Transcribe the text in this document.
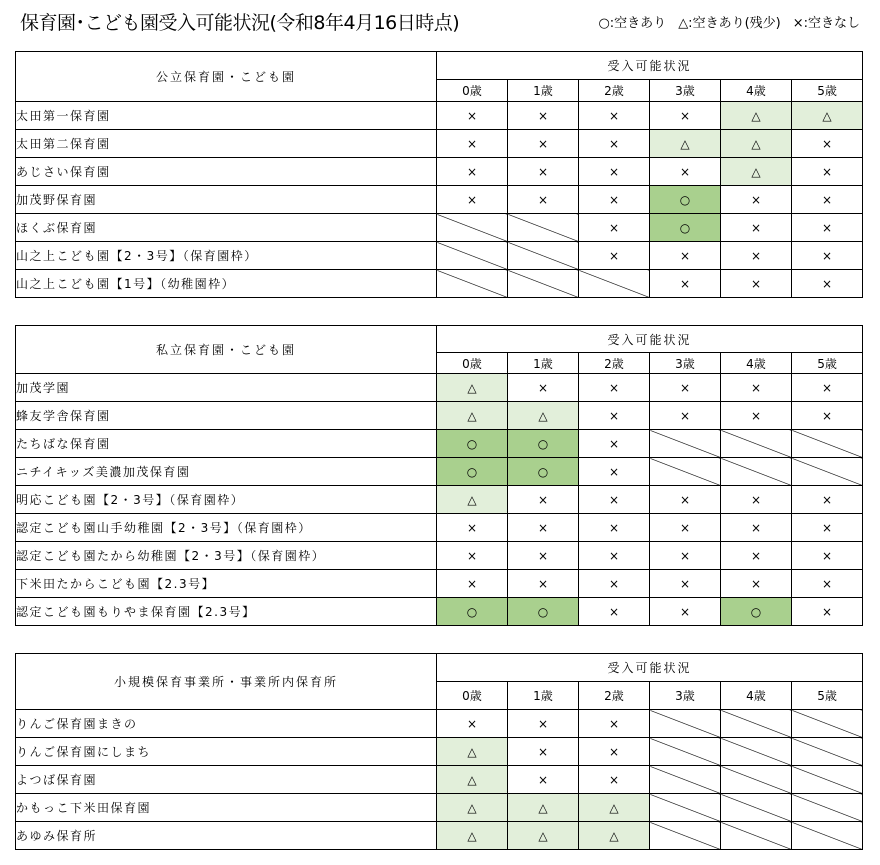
保育園･こども園受入可能状況(令和8年4月16日時点)	○:空きあり △:空きあり(残少) ×:空きなし
公立保育園・こども園	受入可能状況					
	0歳	1歳	2歳	3歳	4歳	5歳
太田第一保育園	×	×	×	×	△	△
太田第二保育園	×	×	×	△	△	×
あじさい保育園	×	×	×	×	△	×
加茂野保育園	×	×	×	○	×	×
ほくぶ保育園			×	○	×	×
山之上こども園【2・3号】（保育園枠）			×	×	×	×
山之上こども園【1号】（幼稚園枠）				×	×	×
私立保育園・こども園	受入可能状況					
	0歳	1歳	2歳	3歳	4歳	5歳
加茂学園	△	×	×	×	×	×
蜂友学舎保育園	△	△	×	×	×	×
たちばな保育園	○	○	×			
ニチイキッズ美濃加茂保育園	○	○	×			
明応こども園【2・3号】（保育園枠）	△	×	×	×	×	×
認定こども園山手幼稚園【2・3号】（保育園枠）	×	×	×	×	×	×
認定こども園たから幼稚園【2・3号】（保育園枠）	×	×	×	×	×	×
下米田たからこども園【2.3号】	×	×	×	×	×	×
認定こども園もりやま保育園【2.3号】	○	○	×	×	○	×
小規模保育事業所・事業所内保育所	受入可能状況					
	0歳	1歳	2歳	3歳	4歳	5歳
りんご保育園まきの	×	×	×			
りんご保育園にしまち	△	×	×			
よつば保育園	△	×	×			
かもっこ下米田保育園	△	△	△			
あゆみ保育所	△	△	△			
